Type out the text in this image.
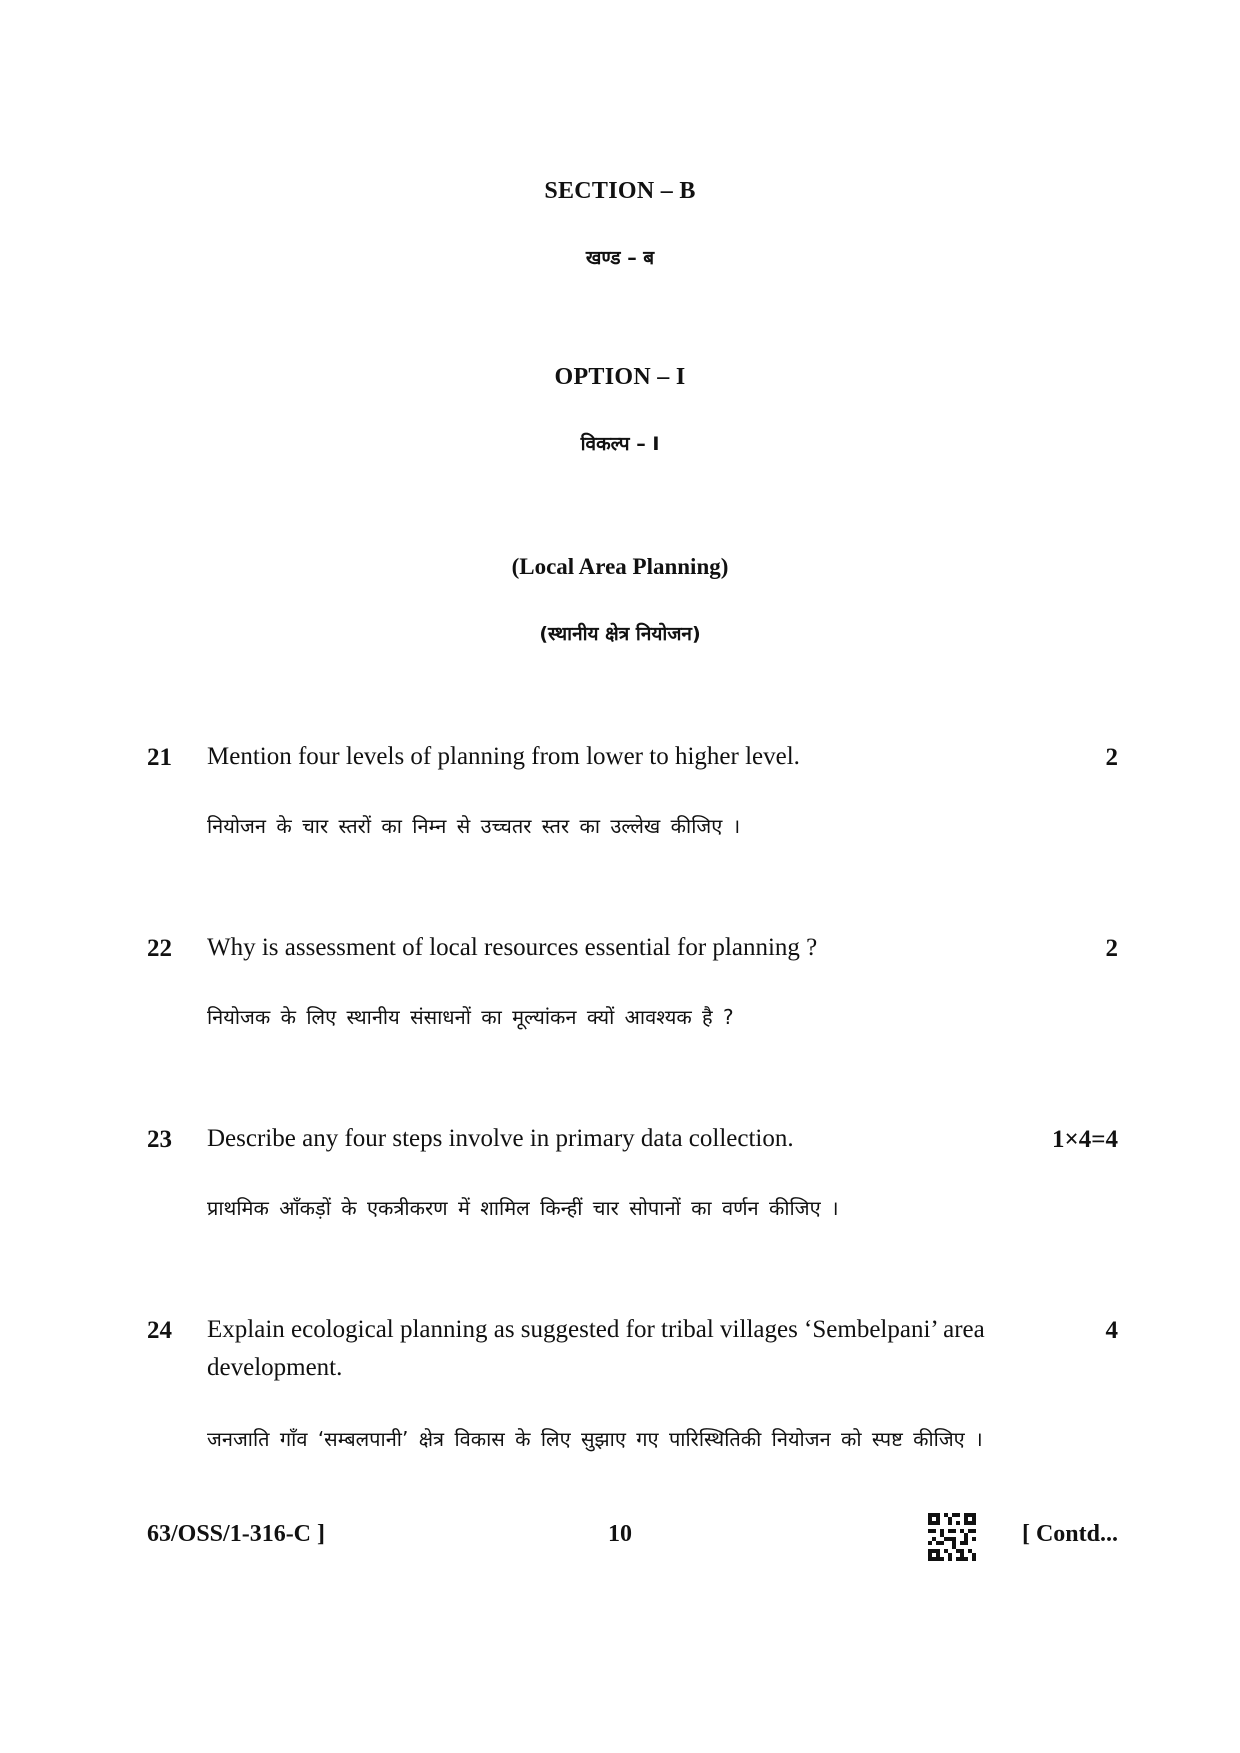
SECTION – B
खण्ड – ब
OPTION – I
विकल्प – I
(Local Area Planning)
(स्थानीय क्षेत्र नियोजन)
21 Mention four levels of planning from lower to higher level.	2
नियोजन के चार स्तरों का निम्न से उच्चतर स्तर का उल्लेख कीजिए ।
22 Why is assessment of local resources essential for planning ?	2
नियोजक के लिए स्थानीय संसाधनों का मूल्यांकन क्यों आवश्यक है ?
23 Describe any four steps involve in primary data collection.	1×4=4
प्राथमिक आँकड़ों के एकत्रीकरण में शामिल किन्हीं चार सोपानों का वर्णन कीजिए ।
24 Explain ecological planning as suggested for tribal villages ‘Sembelpani’ area development.
4
जनजाति गाँव ‘सम्बलपानी’ क्षेत्र विकास के लिए सुझाए गए पारिस्थितिकी नियोजन को स्पष्ट कीजिए ।
63/OSS/1-316-C ]	10	[ Contd...
